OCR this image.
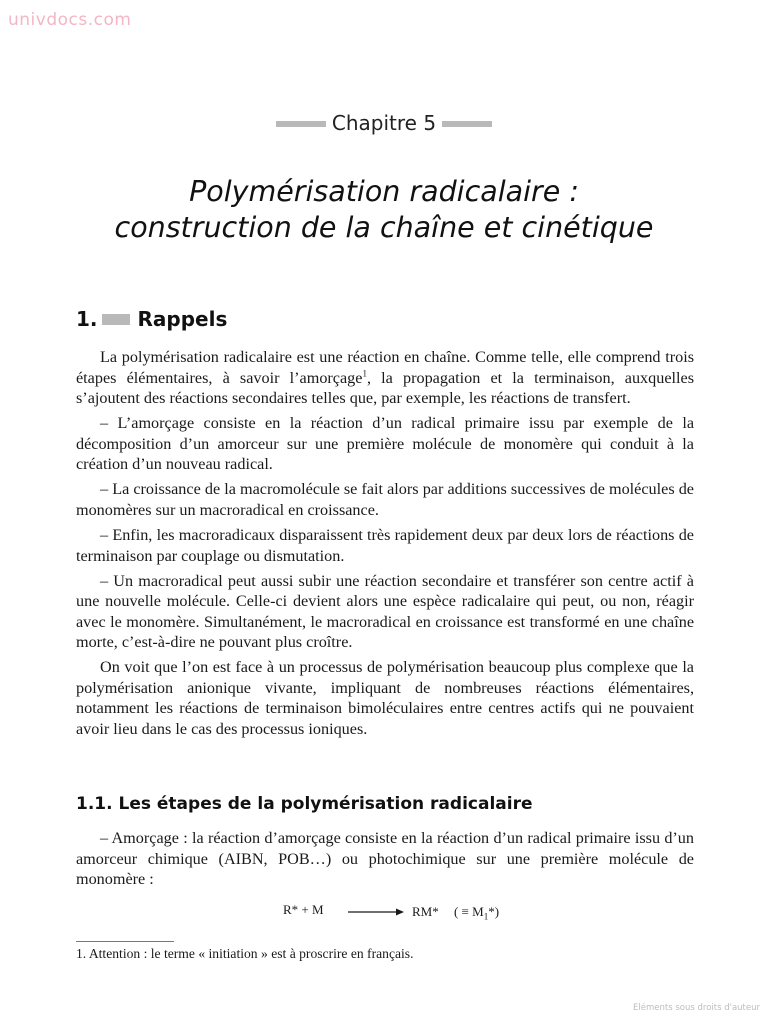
univdocs.com
Chapitre 5
Polymérisation radicalaire :
construction de la chaîne et cinétique
1. Rappels

La polymérisation radicalaire est une réaction en chaîne. Comme telle, elle comprend trois étapes élémentaires, à savoir l’amorçage$^1$, la propagation et la terminaison, auxquelles s’ajoutent des réactions secondaires telles que, par exemple, les réactions de transfert.

– L’amorçage consiste en la réaction d’un radical primaire issu par exemple de la décomposition d’un amorceur sur une première molécule de monomère qui conduit à la création d’un nouveau radical.

– La croissance de la macromolécule se fait alors par additions successives de molécules de monomères sur un macroradical en croissance.

– Enfin, les macroradicaux disparaissent très rapidement deux par deux lors de réactions de terminaison par couplage ou dismutation.

– Un macroradical peut aussi subir une réaction secondaire et transférer son centre actif à une nouvelle molécule. Celle-ci devient alors une espèce radicalaire qui peut, ou non, réagir avec le monomère. Simultanément, le macroradical en croissance est transformé en une chaîne morte, c’est-à-dire ne pouvant plus croître.

On voit que l’on est face à un processus de polymérisation beaucoup plus complexe que la polymérisation anionique vivante, impliquant de nombreuses réactions élémentaires, notamment les réactions de terminaison bimoléculaires entre centres actifs qui ne pouvaient avoir lieu dans le cas des processus ioniques.

1.1. Les étapes de la polymérisation radicalaire

– Amorçage : la réaction d’amorçage consiste en la réaction d’un radical primaire issu d’un amorceur chimique (AIBN, POB…) ou photochimique sur une première molécule de monomère :

R* + M	RM* ( ≡ $M_1*$)
1. Attention : le terme « initiation » est à proscrire en français.
Eléments sous droits d'auteur
